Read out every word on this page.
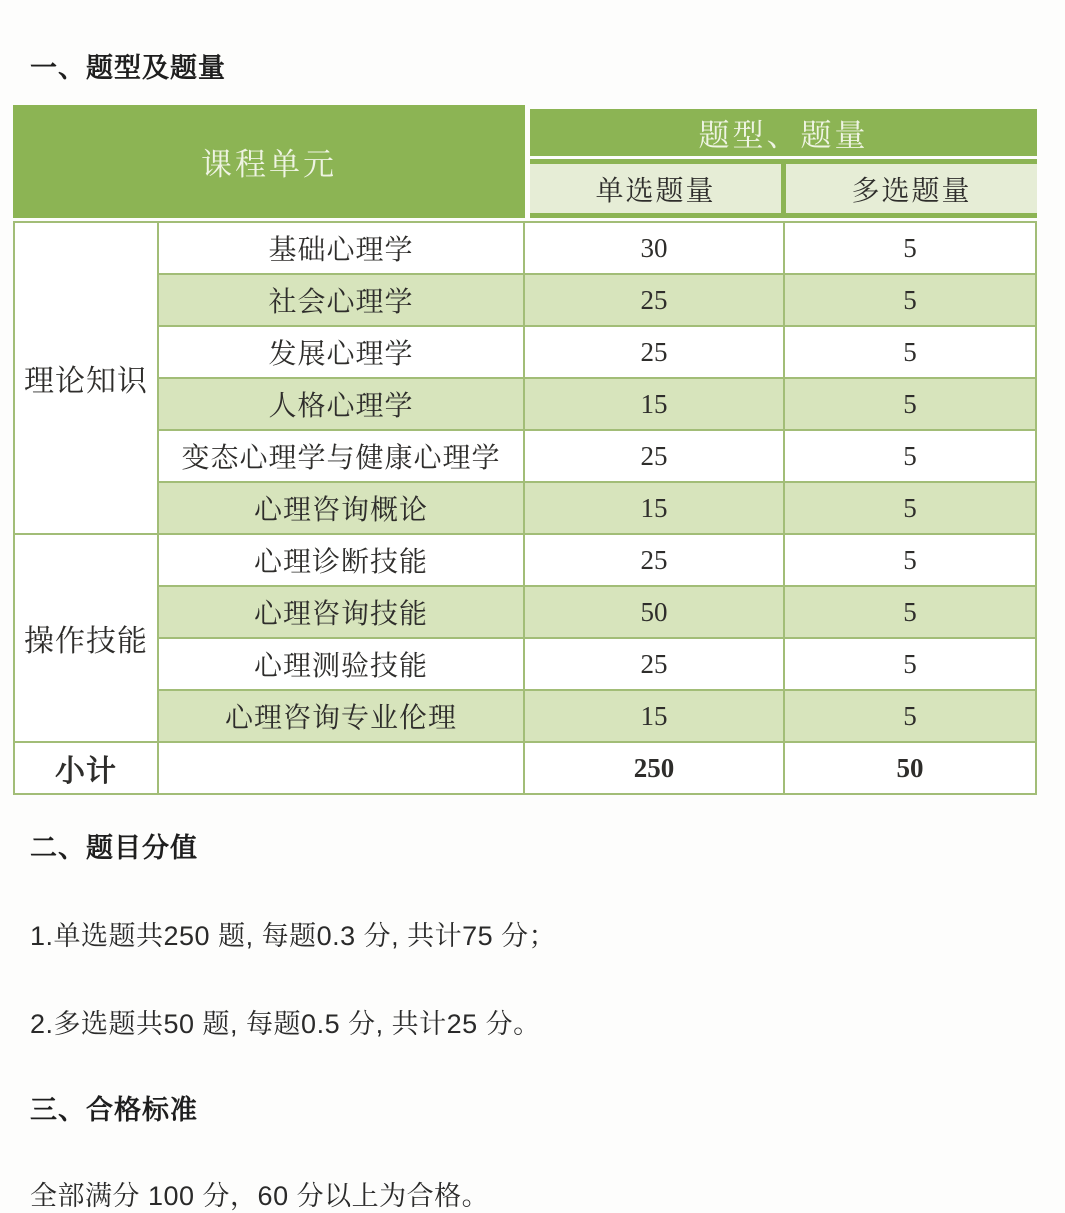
一、题型及题量
课程单元
题型、题量
单选题量	多选题量
理论知识
基础心理学	30	5
社会心理学	25	5
发展心理学	25	5
人格心理学	15	5
变态心理学与健康心理学	25	5
心理咨询概论	15	5
操作技能
心理诊断技能	25	5
心理咨询技能	50	5
心理测验技能	25	5
心理咨询专业伦理	15	5
小计	250	50
二、题目分值
1.单选题共250 题, 每题0.3 分, 共计75 分；
2.多选题共50 题, 每题0.5 分, 共计25 分。
三、合格标准
全部满分 100 分，60 分以上为合格。
